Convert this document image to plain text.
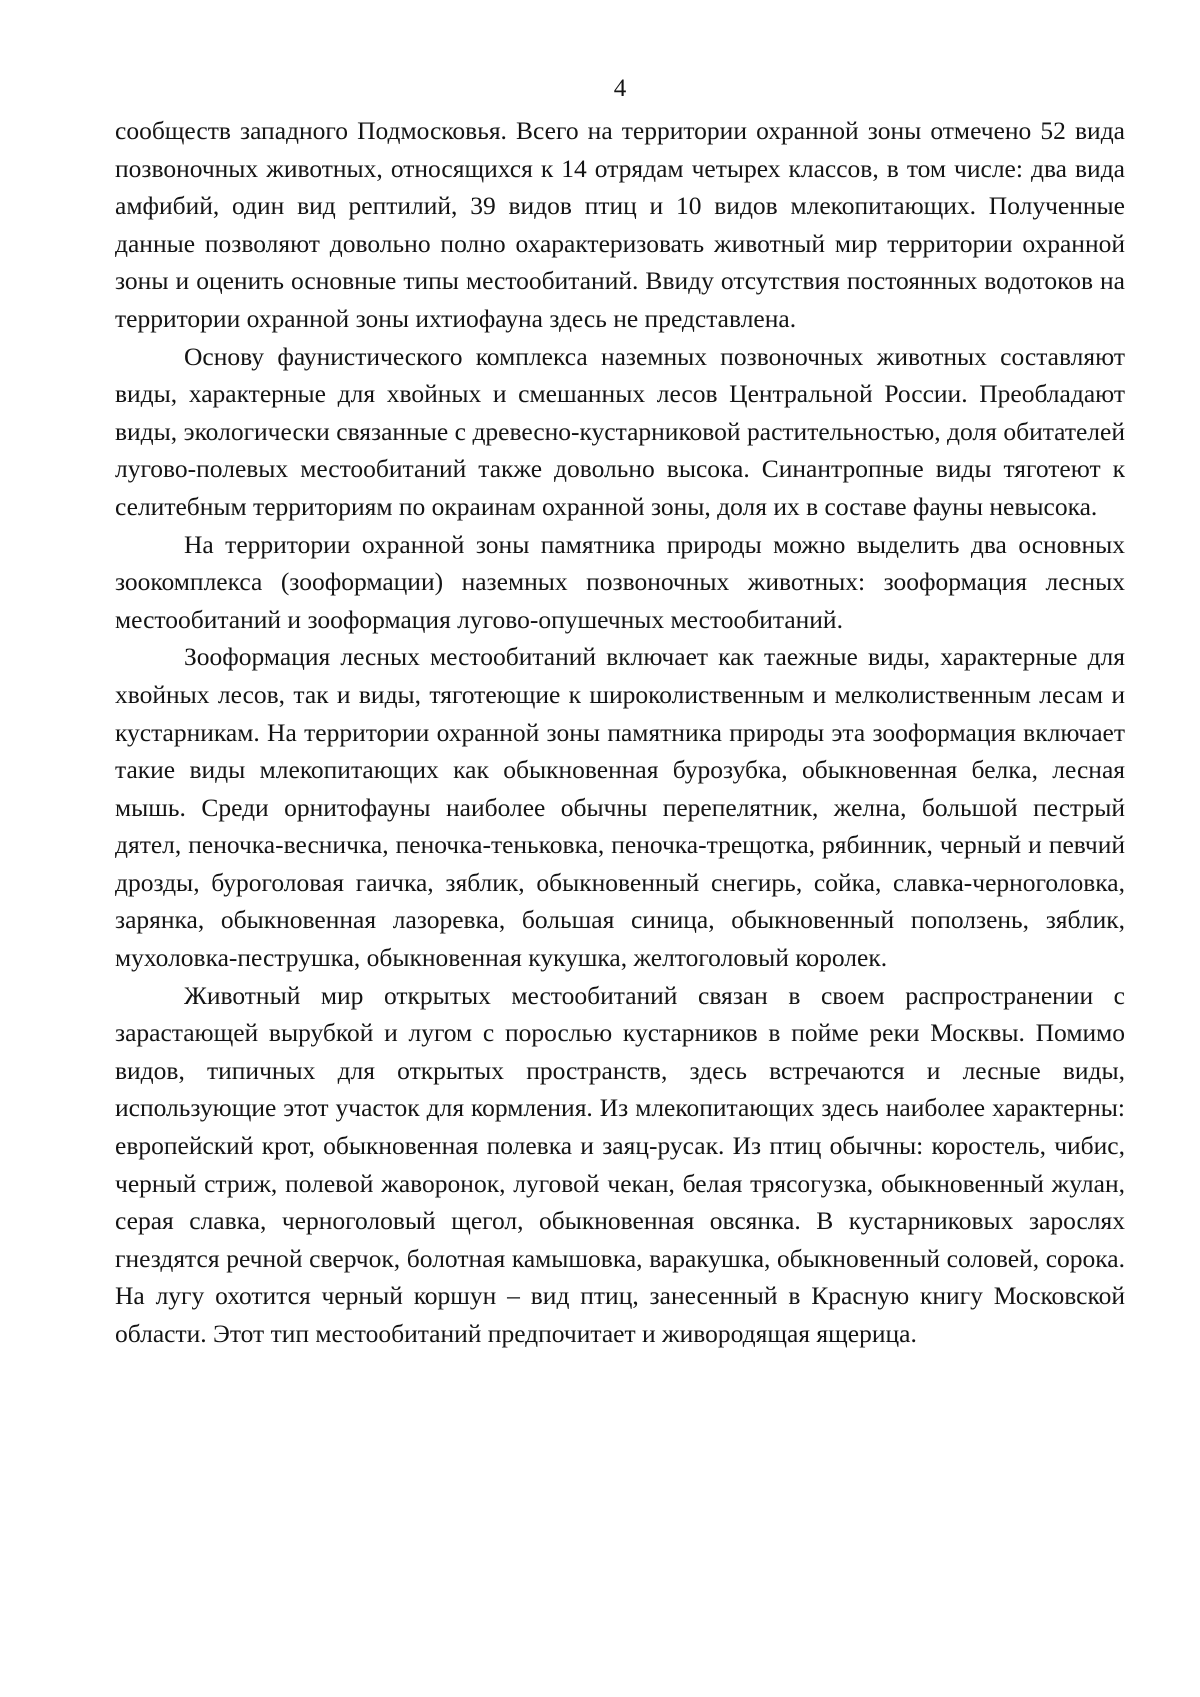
4

сообществ западного Подмосковья. Всего на территории охранной зоны отмечено 52 вида позвоночных животных, относящихся к 14 отрядам четырех классов, в том числе: два вида амфибий, один вид рептилий, 39 видов птиц и 10 видов млекопитающих. Полученные данные позволяют довольно полно охарактеризовать животный мир территории охранной зоны и оценить основные типы местообитаний. Ввиду отсутствия постоянных водотоков на территории охранной зоны ихтиофауна здесь не представлена.

Основу фаунистического комплекса наземных позвоночных животных составляют виды, характерные для хвойных и смешанных лесов Центральной России. Преобладают виды, экологически связанные с древесно-кустарниковой растительностью, доля обитателей лугово-полевых местообитаний также довольно высока. Синантропные виды тяготеют к селитебным территориям по окраинам охранной зоны, доля их в составе фауны невысока.

На территории охранной зоны памятника природы можно выделить два основных зоокомплекса (зооформации) наземных позвоночных животных: зооформация лесных местообитаний и зооформация лугово-опушечных местообитаний.

Зооформация лесных местообитаний включает как таежные виды, характерные для хвойных лесов, так и виды, тяготеющие к широколиственным и мелколиственным лесам и кустарникам. На территории охранной зоны памятника природы эта зооформация включает такие виды млекопитающих как обыкновенная бурозубка, обыкновенная белка, лесная мышь. Среди орнитофауны наиболее обычны перепелятник, желна, большой пестрый дятел, пеночка-весничка, пеночка-теньковка, пеночка-трещотка, рябинник, черный и певчий дрозды, буроголовая гаичка, зяблик, обыкновенный снегирь, сойка, славка-черноголовка, зарянка, обыкновенная лазоревка, большая синица, обыкновенный поползень, зяблик, мухоловка-пеструшка, обыкновенная кукушка, желтоголовый королек.

Животный мир открытых местообитаний связан в своем распространении с зарастающей вырубкой и лугом с порослью кустарников в пойме реки Москвы. Помимо видов, типичных для открытых пространств, здесь встречаются и лесные виды, использующие этот участок для кормления. Из млекопитающих здесь наиболее характерны: европейский крот, обыкновенная полевка и заяц-русак. Из птиц обычны: коростель, чибис, черный стриж, полевой жаворонок, луговой чекан, белая трясогузка, обыкновенный жулан, серая славка, черноголовый щегол, обыкновенная овсянка. В кустарниковых зарослях гнездятся речной сверчок, болотная камышовка, варакушка, обыкновенный соловей, сорока. На лугу охотится черный коршун – вид птиц, занесенный в Красную книгу Московской области. Этот тип местообитаний предпочитает и живородящая ящерица.
